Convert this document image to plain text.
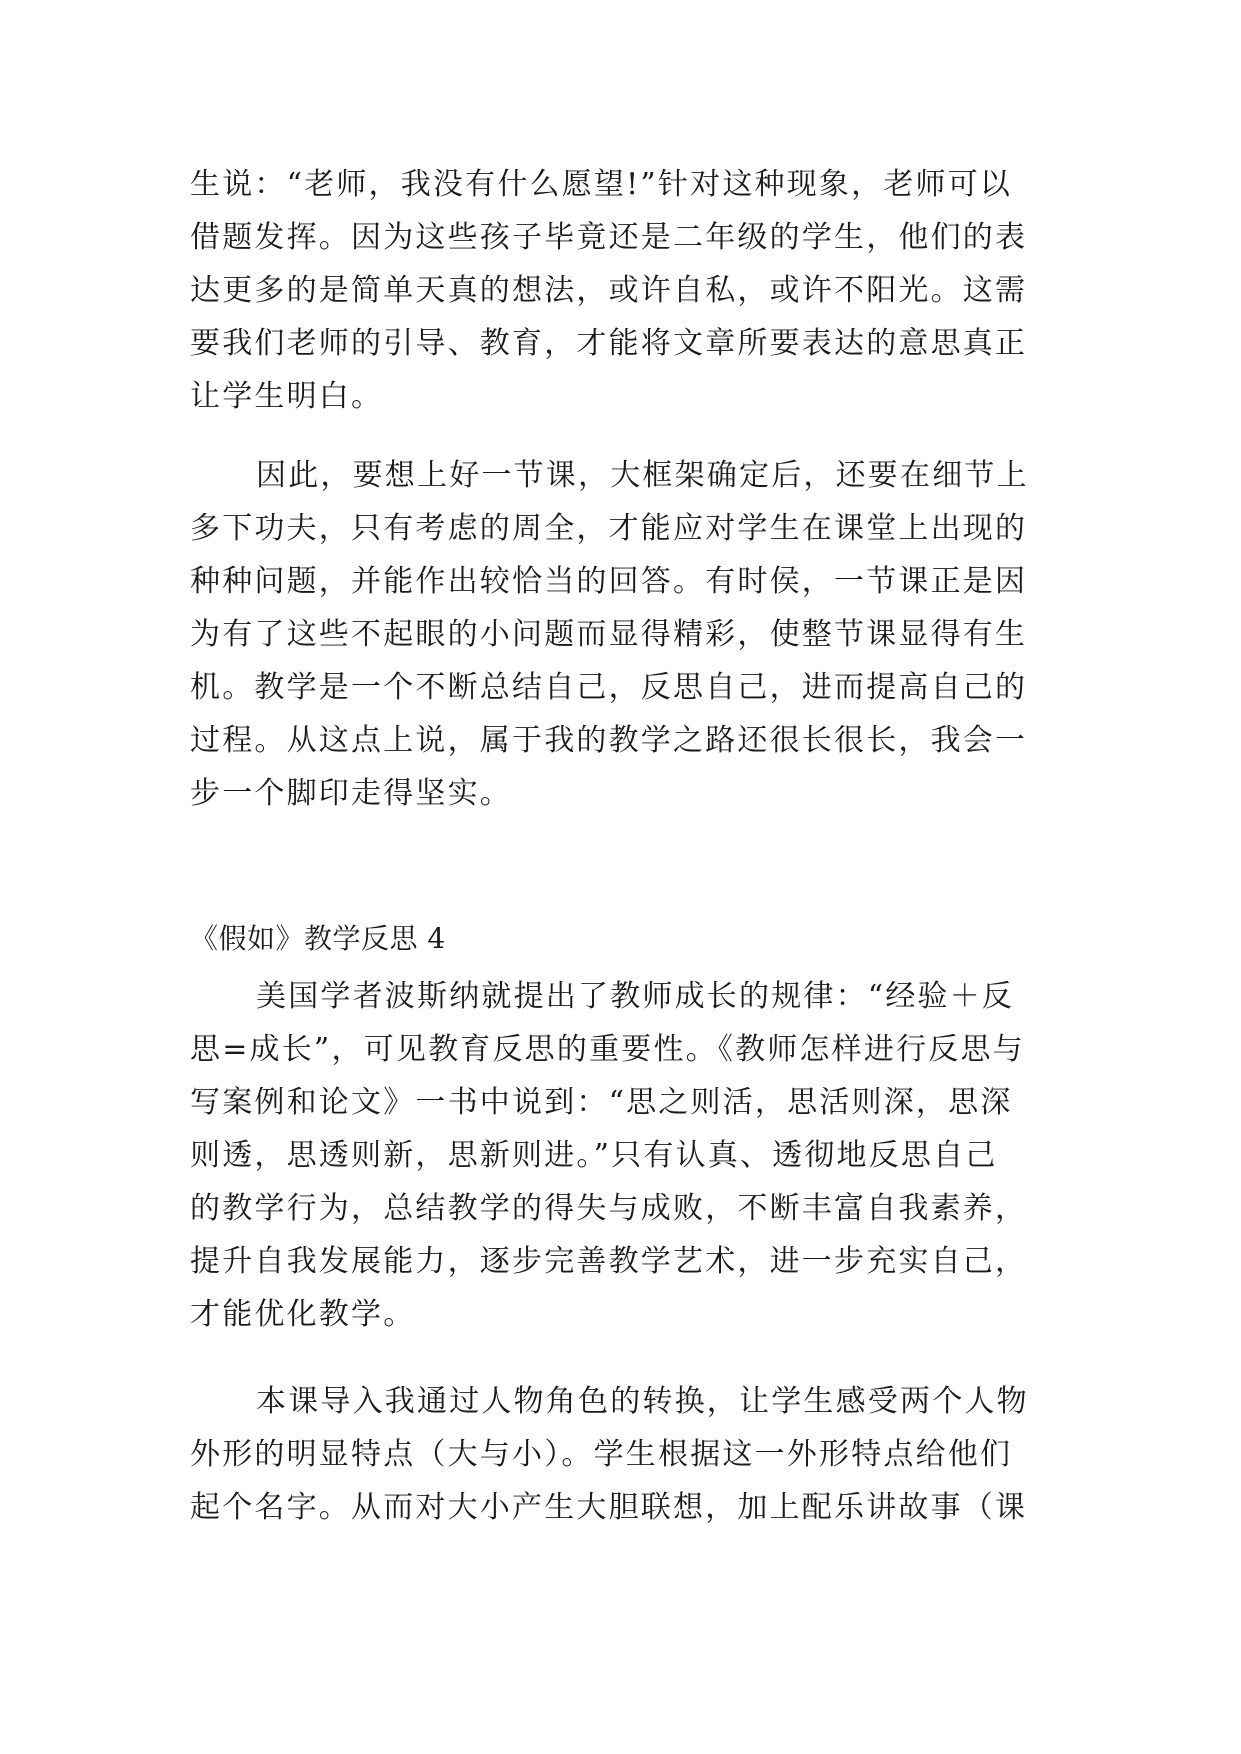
生说：“老师，我没有什么愿望!”针对这种现象，老师可以
借题发挥。因为这些孩子毕竟还是二年级的学生，他们的表
达更多的是简单天真的想法，或许自私，或许不阳光。这需
要我们老师的引导、教育，才能将文章所要表达的意思真正
让学生明白。
因此，要想上好一节课，大框架确定后，还要在细节上
多下功夫，只有考虑的周全，才能应对学生在课堂上出现的
种种问题，并能作出较恰当的回答。有时侯，一节课正是因
为有了这些不起眼的小问题而显得精彩，使整节课显得有生
机。教学是一个不断总结自己，反思自己，进而提高自己的
过程。从这点上说，属于我的教学之路还很长很长，我会一
步一个脚印走得坚实。
《假如》教学反思 4
美国学者波斯纳就提出了教师成长的规律：“经验＋反
思=成长”，可见教育反思的重要性。《教师怎样进行反思与
写案例和论文》一书中说到：“思之则活，思活则深，思深
则透，思透则新，思新则进。”只有认真、透彻地反思自己
的教学行为，总结教学的得失与成败，不断丰富自我素养，
提升自我发展能力，逐步完善教学艺术，进一步充实自己，
才能优化教学。
本课导入我通过人物角色的转换，让学生感受两个人物
外形的明显特点（大与小）。学生根据这一外形特点给他们
起个名字。从而对大小产生大胆联想，加上配乐讲故事（课
